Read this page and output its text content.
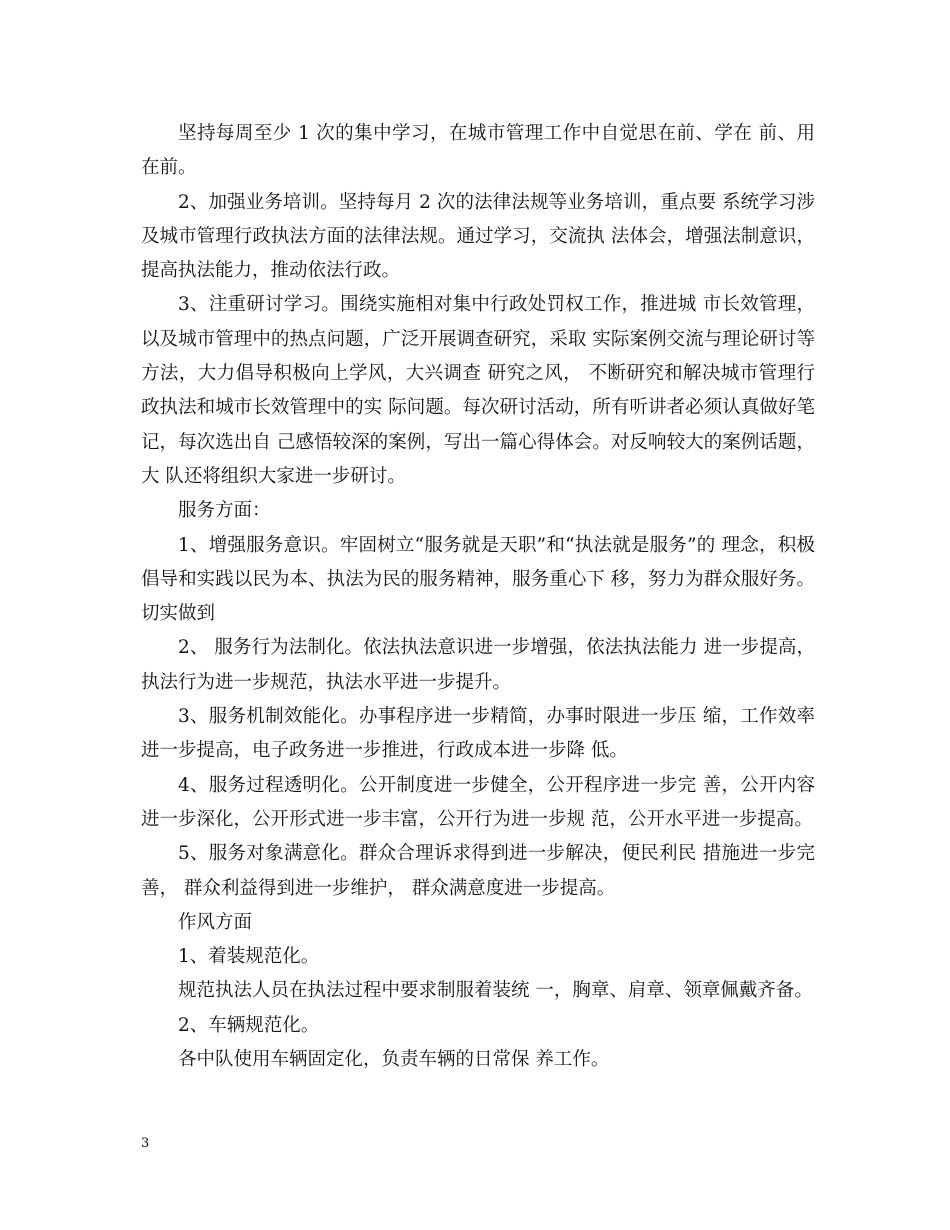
坚持每周至少 1 次的集中学习，在城市管理工作中自觉思在前、学在 前、用在前。

2、加强业务培训。坚持每月 2 次的法律法规等业务培训，重点要 系统学习涉及城市管理行政执法方面的法律法规。通过学习，交流执 法体会，增强法制意识，提高执法能力，推动依法行政。

3、注重研讨学习。围绕实施相对集中行政处罚权工作，推进城 市长效管理，以及城市管理中的热点问题，广泛开展调查研究，采取 实际案例交流与理论研讨等方法，大力倡导积极向上学风，大兴调查 研究之风， 不断研究和解决城市管理行政执法和城市长效管理中的实 际问题。每次研讨活动，所有听讲者必须认真做好笔记，每次选出自 己感悟较深的案例，写出一篇心得体会。对反响较大的案例话题，大 队还将组织大家进一步研讨。

服务方面：

1、增强服务意识。牢固树立“服务就是天职”和“执法就是服务”的 理念，积极倡导和实践以民为本、执法为民的服务精神，服务重心下 移，努力为群众服好务。切实做到

2、 服务行为法制化。依法执法意识进一步增强，依法执法能力 进一步提高，执法行为进一步规范，执法水平进一步提升。

3、服务机制效能化。办事程序进一步精简，办事时限进一步压 缩，工作效率进一步提高，电子政务进一步推进，行政成本进一步降 低。

4、服务过程透明化。公开制度进一步健全，公开程序进一步完 善，公开内容进一步深化，公开形式进一步丰富，公开行为进一步规 范，公开水平进一步提高。

5、服务对象满意化。群众合理诉求得到进一步解决，便民利民 措施进一步完善， 群众利益得到进一步维护， 群众满意度进一步提高。

作风方面

1、着装规范化。

规范执法人员在执法过程中要求制服着装统 一，胸章、肩章、领章佩戴齐备。

2、车辆规范化。

各中队使用车辆固定化，负责车辆的日常保 养工作。

3
